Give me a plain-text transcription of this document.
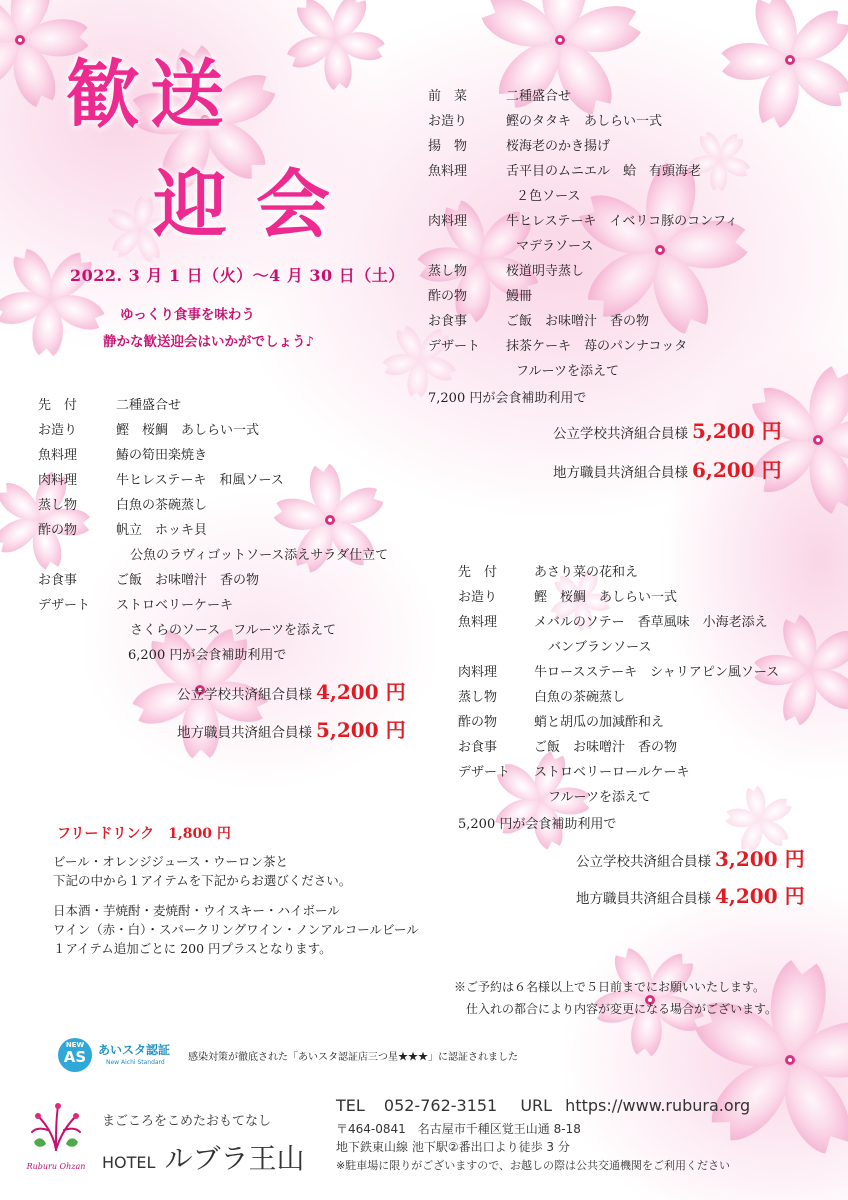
歓 送
迎 会
2022. 3 月 1 日（火）～4 月 30 日（土）
ゆっくり食事を味わう
静かな歓送迎会はいかがでしょう♪
前　菜	二種盛合せ
お造り	鰹のタタキ　あしらい一式
揚　物	桜海老のかき揚げ
魚料理	舌平目のムニエル　蛤　有頭海老
２色ソース
肉料理	牛ヒレステーキ　イベリコ豚のコンフィ
マデラソース
蒸し物	桜道明寺蒸し
酢の物	鰻冊
お食事	ご飯　お味噌汁　香の物
デザート	抹茶ケーキ　苺のパンナコッタ
フルーツを添えて
7,200 円が会食補助利用で
公立学校共済組合員様 5,200 円
地方職員共済組合員様 6,200 円
先　付	二種盛合せ
お造り	鰹　桜鯛　あしらい一式
魚料理	鰆の筍田楽焼き
肉料理	牛ヒレステーキ　和風ソース
蒸し物	白魚の茶碗蒸し
酢の物	帆立　ホッキ貝
公魚のラヴィゴットソース添えサラダ仕立て
お食事	ご飯　お味噌汁　香の物
デザート	ストロベリーケーキ
さくらのソース　フルーツを添えて
6,200 円が会食補助利用で
公立学校共済組合員様 4,200 円
地方職員共済組合員様 5,200 円
先　付	あさり菜の花和え
お造り	鰹　桜鯛　あしらい一式
魚料理	メバルのソテー　香草風味　小海老添え
バンブランソース
肉料理	牛ロースステーキ　シャリアピン風ソース
蒸し物	白魚の茶碗蒸し
酢の物	蛸と胡瓜の加減酢和え
お食事	ご飯　お味噌汁　香の物
デザート	ストロベリーロールケーキ
フルーツを添えて
5,200 円が会食補助利用で
公立学校共済組合員様 3,200 円
地方職員共済組合員様 4,200 円
フリードリンク　1,800 円
ビール・オレンジジュース・ウーロン茶と
下記の中から１アイテムを下記からお選びください。
日本酒・芋焼酎・麦焼酎・ウイスキー・ハイボール
ワイン（赤・白）・スパークリングワイン・ノンアルコールビール
１アイテム追加ごとに 200 円プラスとなります。
※ご予約は６名様以上で５日前までにお願いいたします。
仕入れの都合により内容が変更になる場合がございます。
NEW
AS あいスタ認証
New Aichi Standard 感染対策が徹底された「あいスタ認証店三つ星★★★」に認証されました
Ruburu Ohzan
まごころをこめたおもてなし
HOTEL ルブラ王山
TEL 052-762-3151 URL https://www.rubura.org
〒464-0841　名古屋市千種区覚王山通 8-18
地下鉄東山線 池下駅②番出口より徒歩 3 分
※駐車場に限りがございますので、お越しの際は公共交通機関をご利用ください
